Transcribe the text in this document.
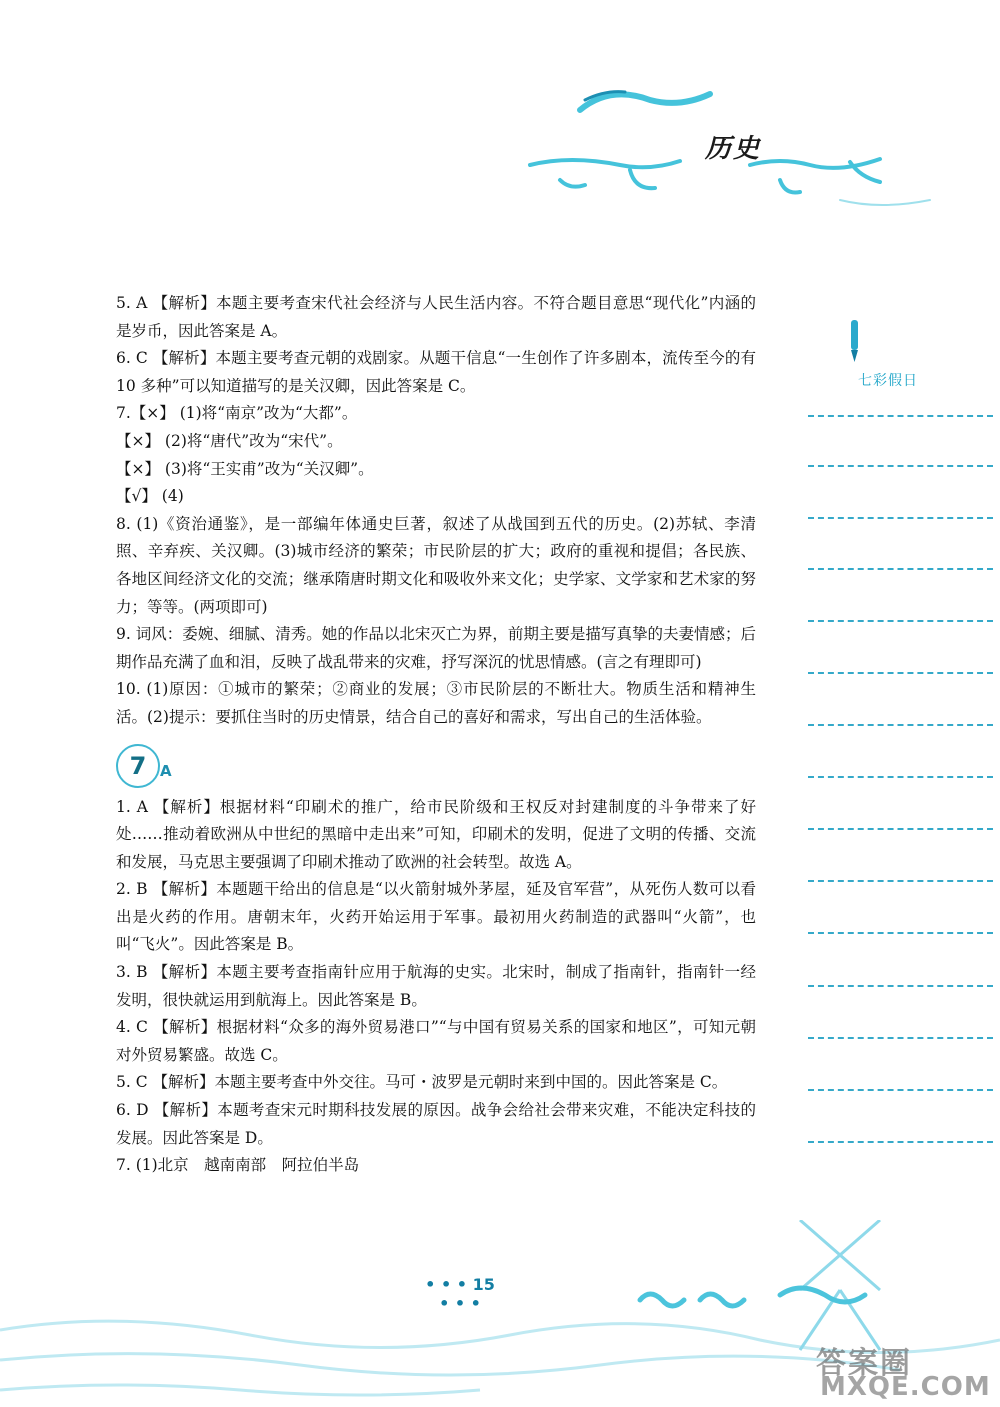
历史
七彩假日

5. A 【解析】本题主要考查宋代社会经济与人民生活内容。不符合题目意思“现代化”内涵的是岁币，因此答案是 A。

6. C 【解析】本题主要考查元朝的戏剧家。从题干信息“一生创作了许多剧本，流传至今的有 10 多种”可以知道描写的是关汉卿，因此答案是 C。

7.【×】 (1)将“南京”改为“大都”。

【×】 (2)将“唐代”改为“宋代”。

【×】 (3)将“王实甫”改为“关汉卿”。

【√】 (4)

8. (1)《资治通鉴》，是一部编年体通史巨著，叙述了从战国到五代的历史。(2)苏轼、李清照、辛弃疾、关汉卿。(3)城市经济的繁荣；市民阶层的扩大；政府的重视和提倡；各民族、各地区间经济文化的交流；继承隋唐时期文化和吸收外来文化；史学家、文学家和艺术家的努力；等等。(两项即可)

9. 词风：委婉、细腻、清秀。她的作品以北宋灭亡为界，前期主要是描写真挚的夫妻情感；后期作品充满了血和泪，反映了战乱带来的灾难，抒写深沉的忧思情感。(言之有理即可)

10. (1)原因：①城市的繁荣；②商业的发展；③市民阶层的不断壮大。物质生活和精神生活。(2)提示：要抓住当时的历史情景，结合自己的喜好和需求，写出自己的生活体验。

7 A

1. A 【解析】根据材料“印刷术的推广，给市民阶级和王权反对封建制度的斗争带来了好处……推动着欧洲从中世纪的黑暗中走出来”可知，印刷术的发明，促进了文明的传播、交流和发展，马克思主要强调了印刷术推动了欧洲的社会转型。故选 A。

2. B 【解析】本题题干给出的信息是“以火箭射城外茅屋，延及官军营”，从死伤人数可以看出是火药的作用。唐朝末年，火药开始运用于军事。最初用火药制造的武器叫“火箭”，也叫“飞火”。因此答案是 B。

3. B 【解析】本题主要考查指南针应用于航海的史实。北宋时，制成了指南针，指南针一经发明，很快就运用到航海上。因此答案是 B。

4. C 【解析】根据材料“众多的海外贸易港口”“与中国有贸易关系的国家和地区”，可知元朝对外贸易繁盛。故选 C。

5. C 【解析】本题主要考查中外交往。马可・波罗是元朝时来到中国的。因此答案是 C。

6. D 【解析】本题考查宋元时期科技发展的原因。战争会给社会带来灾难，不能决定科技的发展。因此答案是 D。

7. (1)北京　越南南部　阿拉伯半岛

• • • 15 • • •
答案圈
MXQE.COM
